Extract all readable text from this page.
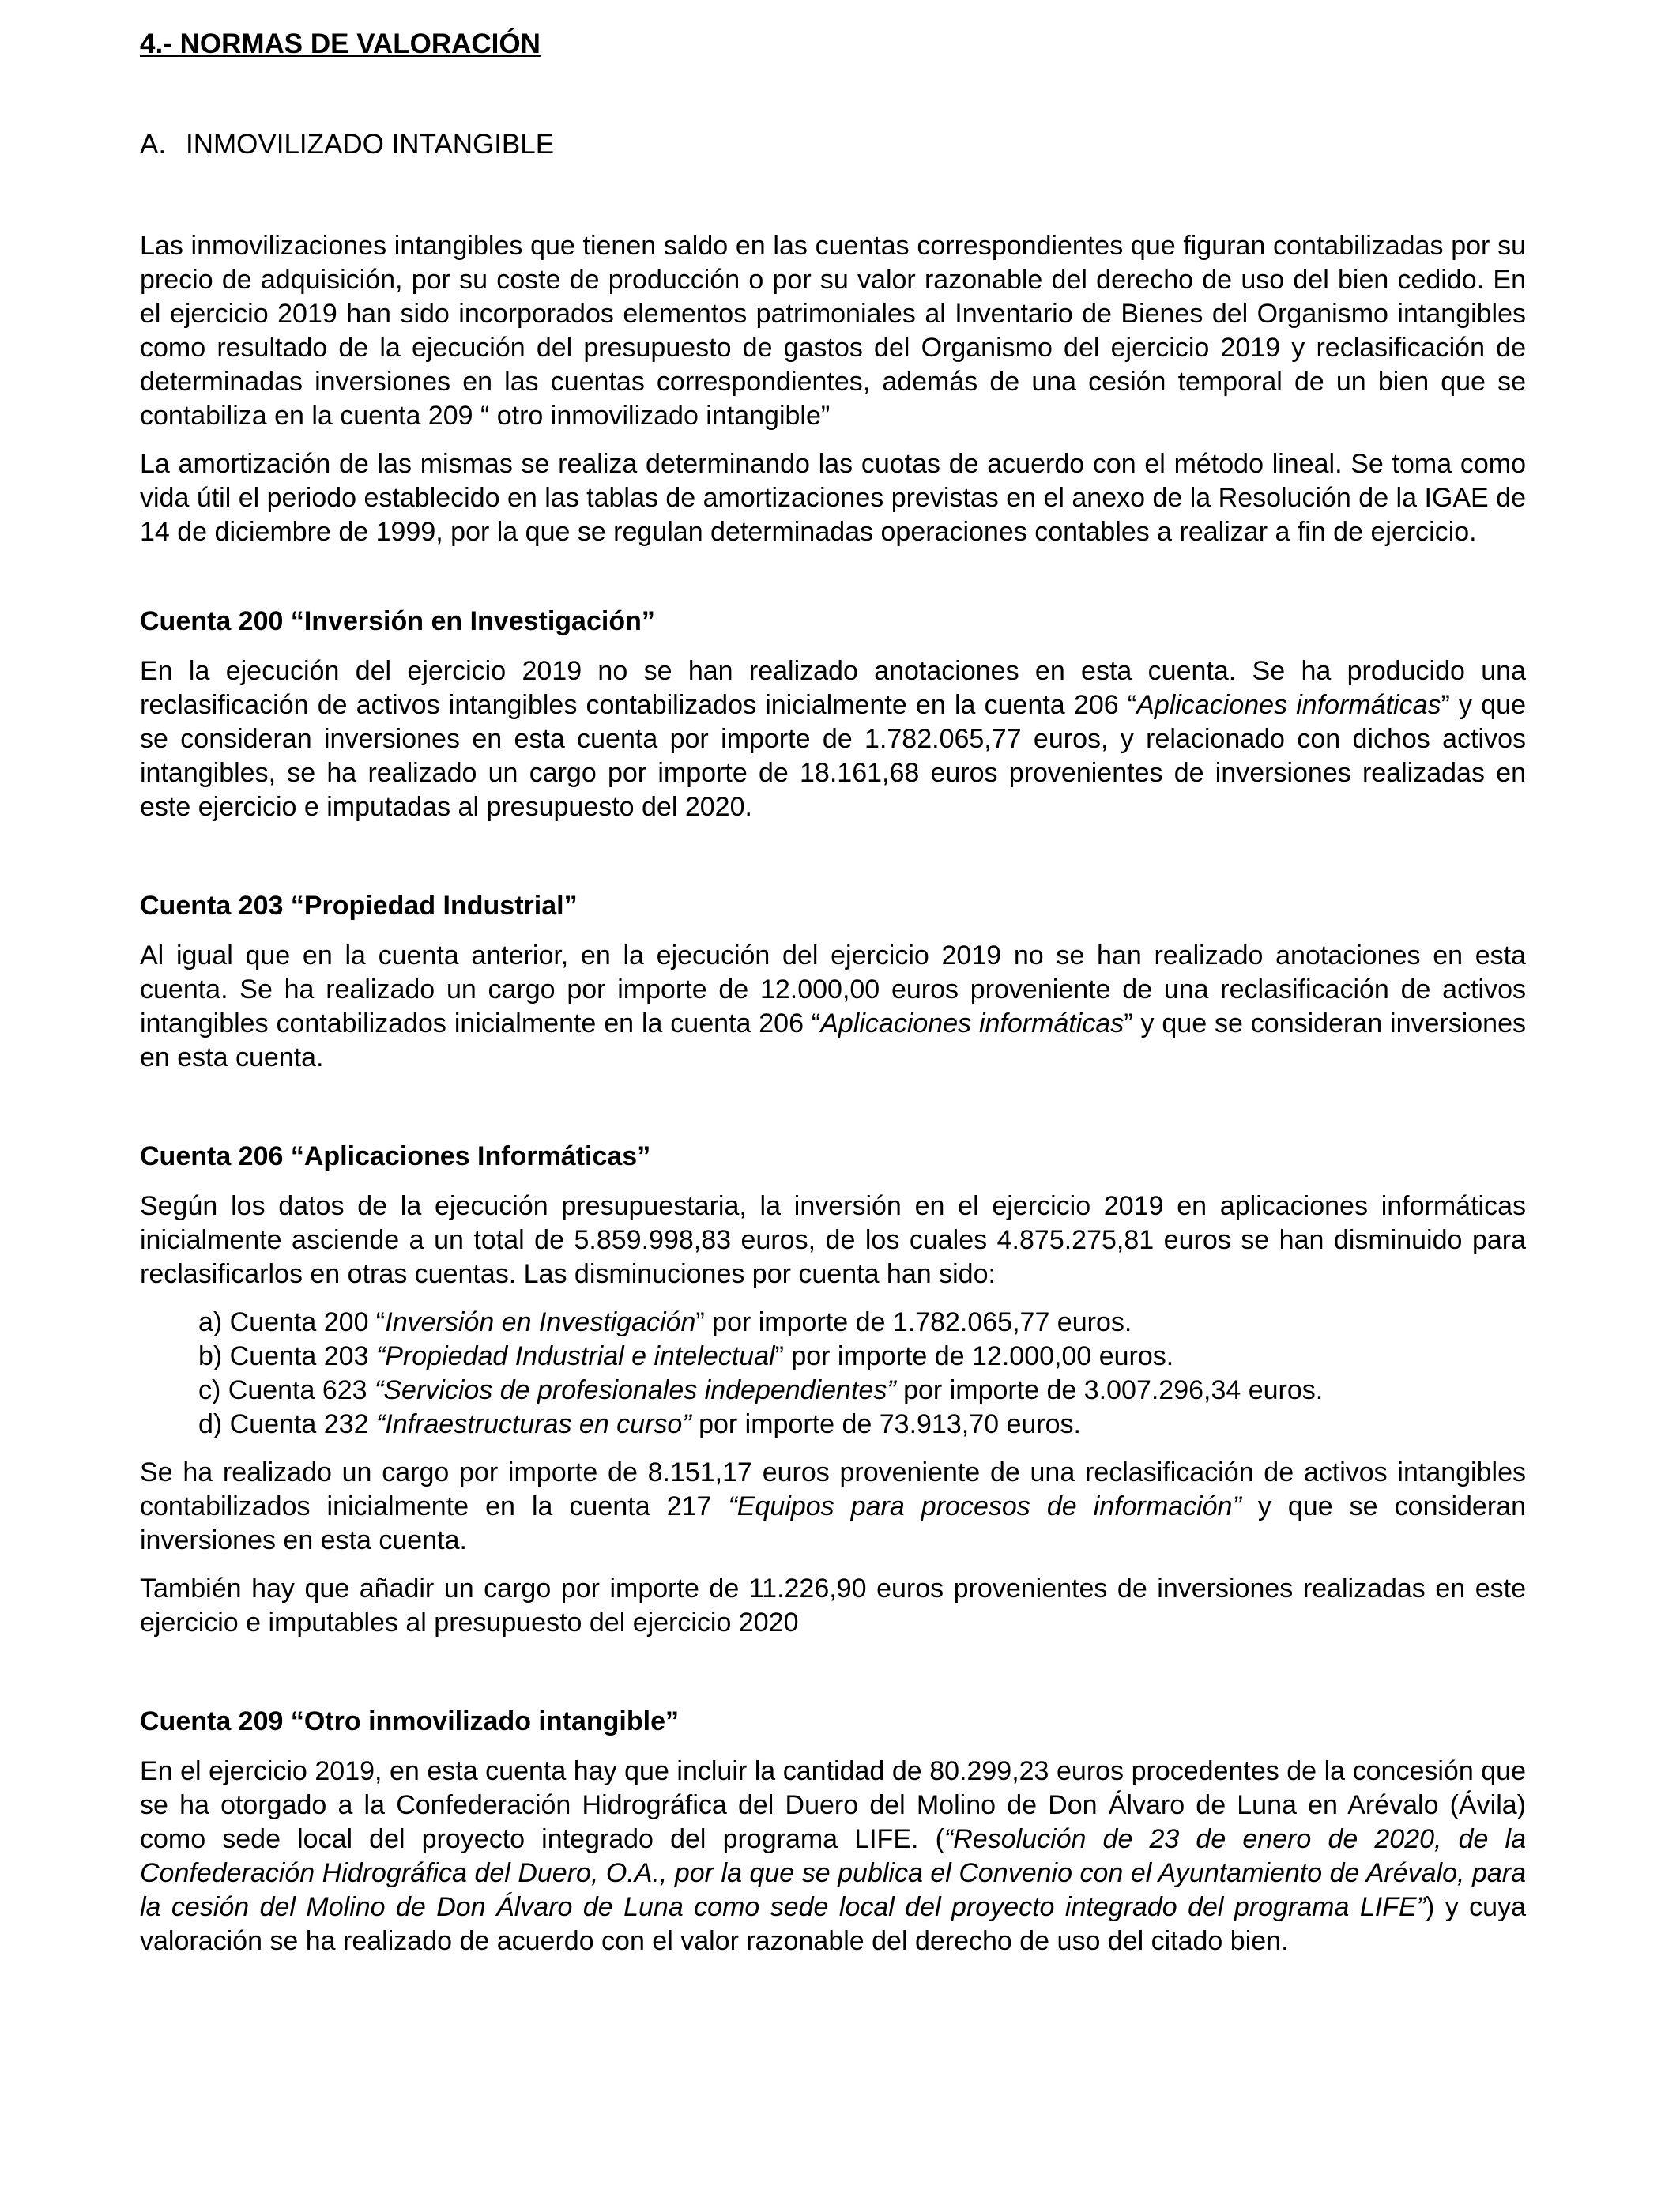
4.- NORMAS DE VALORACIÓN
A. INMOVILIZADO INTANGIBLE

Las inmovilizaciones intangibles que tienen saldo en las cuentas correspondientes que figuran contabilizadas por su precio de adquisición, por su coste de producción o por su valor razonable del derecho de uso del bien cedido. En el ejercicio 2019 han sido incorporados elementos patrimoniales al Inventario de Bienes del Organismo intangibles como resultado de la ejecución del presupuesto de gastos del Organismo del ejercicio 2019 y reclasificación de determinadas inversiones en las cuentas correspondientes, además de una cesión temporal de un bien que se contabiliza en la cuenta 209 “ otro inmovilizado intangible”

La amortización de las mismas se realiza determinando las cuotas de acuerdo con el método lineal. Se toma como vida útil el periodo establecido en las tablas de amortizaciones previstas en el anexo de la Resolución de la IGAE de 14 de diciembre de 1999, por la que se regulan determinadas operaciones contables a realizar a fin de ejercicio.

Cuenta 200 “Inversión en Investigación”

En la ejecución del ejercicio 2019 no se han realizado anotaciones en esta cuenta. Se ha producido una reclasificación de activos intangibles contabilizados inicialmente en la cuenta 206 “Aplicaciones informáticas” y que se consideran inversiones en esta cuenta por importe de 1.782.065,77 euros, y relacionado con dichos activos intangibles, se ha realizado un cargo por importe de 18.161,68 euros provenientes de inversiones realizadas en este ejercicio e imputadas al presupuesto del 2020.

Cuenta 203 “Propiedad Industrial”

Al igual que en la cuenta anterior, en la ejecución del ejercicio 2019 no se han realizado anotaciones en esta cuenta. Se ha realizado un cargo por importe de 12.000,00 euros proveniente de una reclasificación de activos intangibles contabilizados inicialmente en la cuenta 206 “Aplicaciones informáticas” y que se consideran inversiones en esta cuenta.

Cuenta 206 “Aplicaciones Informáticas”

Según los datos de la ejecución presupuestaria, la inversión en el ejercicio 2019 en aplicaciones informáticas inicialmente asciende a un total de 5.859.998,83 euros, de los cuales 4.875.275,81 euros se han disminuido para reclasificarlos en otras cuentas. Las disminuciones por cuenta han sido:

a) Cuenta 200 “Inversión en Investigación” por importe de 1.782.065,77 euros.
b) Cuenta 203 “Propiedad Industrial e intelectual” por importe de 12.000,00 euros.
c) Cuenta 623 “Servicios de profesionales independientes” por importe de 3.007.296,34 euros.
d) Cuenta 232 “Infraestructuras en curso” por importe de 73.913,70 euros.

Se ha realizado un cargo por importe de 8.151,17 euros proveniente de una reclasificación de activos intangibles contabilizados inicialmente en la cuenta 217 “Equipos para procesos de información” y que se consideran inversiones en esta cuenta.

También hay que añadir un cargo por importe de 11.226,90 euros provenientes de inversiones realizadas en este ejercicio e imputables al presupuesto del ejercicio 2020

Cuenta 209 “Otro inmovilizado intangible”

En el ejercicio 2019, en esta cuenta hay que incluir la cantidad de 80.299,23 euros procedentes de la concesión que se ha otorgado a la Confederación Hidrográfica del Duero del Molino de Don Álvaro de Luna en Arévalo (Ávila) como sede local del proyecto integrado del programa LIFE. (“Resolución de 23 de enero de 2020, de la Confederación Hidrográfica del Duero, O.A., por la que se publica el Convenio con el Ayuntamiento de Arévalo, para la cesión del Molino de Don Álvaro de Luna como sede local del proyecto integrado del programa LIFE”) y cuya valoración se ha realizado de acuerdo con el valor razonable del derecho de uso del citado bien.
